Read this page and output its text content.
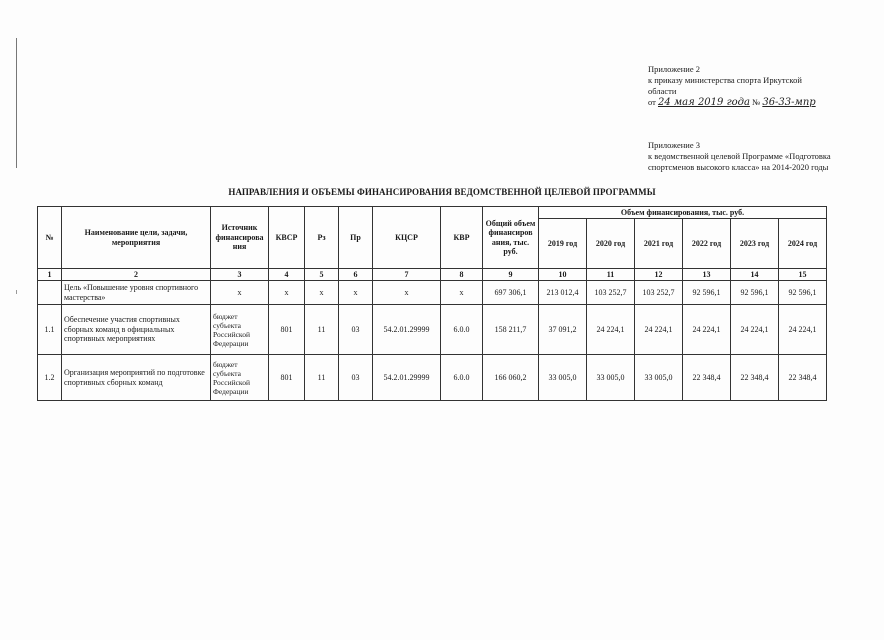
Приложение 2
к приказу министерства спорта Иркутской
области
от 24 мая 2019 года № 36-33-мпр
Приложение 3
к ведомственной целевой Программе «Подготовка
спортсменов высокого класса» на 2014-2020 годы
НАПРАВЛЕНИЯ И ОБЪЕМЫ ФИНАНСИРОВАНИЯ ВЕДОМСТВЕННОЙ ЦЕЛЕВОЙ ПРОГРАММЫ
№	Наименование цели, задачи, мероприятия	Источник финансирова ния	КВСР	Рз	Пр	КЦСР	КВР	Общий объем финансиров ания, тыс. руб.	Объем финансирования, тыс. руб.					
									2019 год	2020 год	2021 год	2022 год	2023 год	2024 год
1	2	3	4	5	6	7	8	9	10	11	12	13	14	15
	Цель «Повышение уровня спортивного мастерства»	x	x	x	x	x	x	697 306,1	213 012,4	103 252,7	103 252,7	92 596,1	92 596,1	92 596,1
1.1	Обеспечение участия спортивных сборных команд в официальных спортивных мероприятиях	бюджет субъекта Российской Федерации	801	11	03	54.2.01.29999	6.0.0	158 211,7	37 091,2	24 224,1	24 224,1	24 224,1	24 224,1	24 224,1
1.2	Организация мероприятий по подготовке спортивных сборных команд	бюджет субъекта Российской Федерации	801	11	03	54.2.01.29999	6.0.0	166 060,2	33 005,0	33 005,0	33 005,0	22 348,4	22 348,4	22 348,4
